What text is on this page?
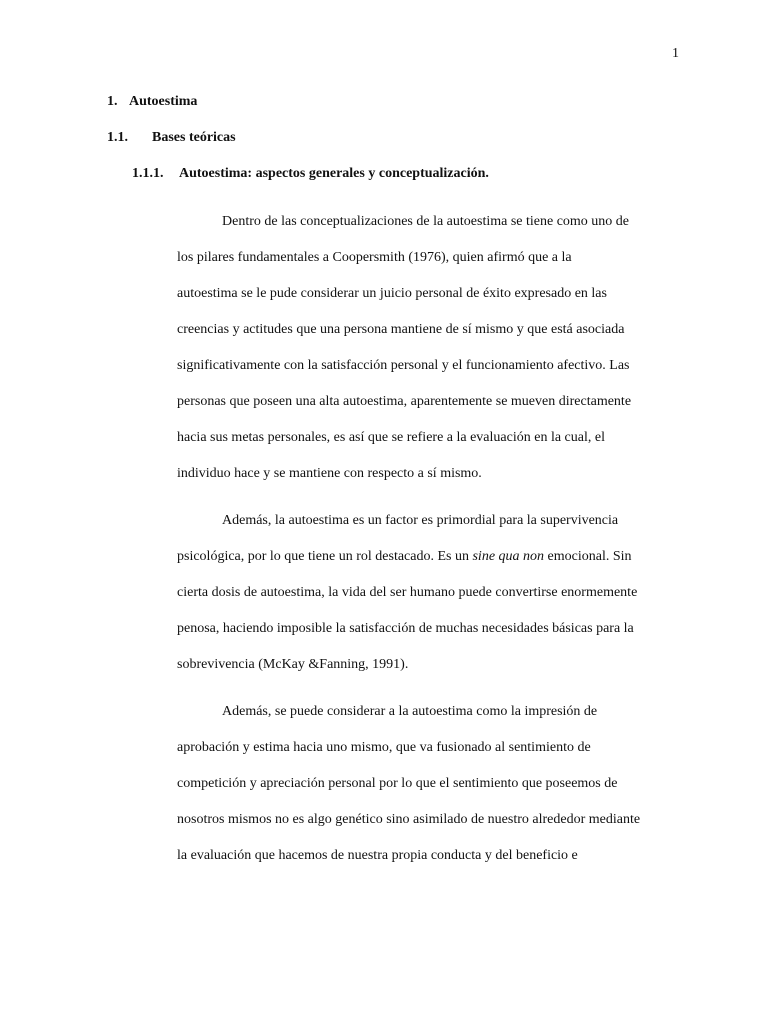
1
1. Autoestima
1.1. Bases teóricas
1.1.1. Autoestima: aspectos generales y conceptualización.
Dentro de las conceptualizaciones de la autoestima se tiene como uno de
los pilares fundamentales a Coopersmith (1976), quien afirmó que a la
autoestima se le pude considerar un juicio personal de éxito expresado en las
creencias y actitudes que una persona mantiene de sí mismo y que está asociada
significativamente con la satisfacción personal y el funcionamiento afectivo. Las
personas que poseen una alta autoestima, aparentemente se mueven directamente
hacia sus metas personales, es así que se refiere a la evaluación en la cual, el
individuo hace y se mantiene con respecto a sí mismo.
Además, la autoestima es un factor es primordial para la supervivencia
psicológica, por lo que tiene un rol destacado. Es un sine qua non emocional. Sin
cierta dosis de autoestima, la vida del ser humano puede convertirse enormemente
penosa, haciendo imposible la satisfacción de muchas necesidades básicas para la
sobrevivencia (McKay &Fanning, 1991).
Además, se puede considerar a la autoestima como la impresión de
aprobación y estima hacia uno mismo, que va fusionado al sentimiento de
competición y apreciación personal por lo que el sentimiento que poseemos de
nosotros mismos no es algo genético sino asimilado de nuestro alrededor mediante
la evaluación que hacemos de nuestra propia conducta y del beneficio e
